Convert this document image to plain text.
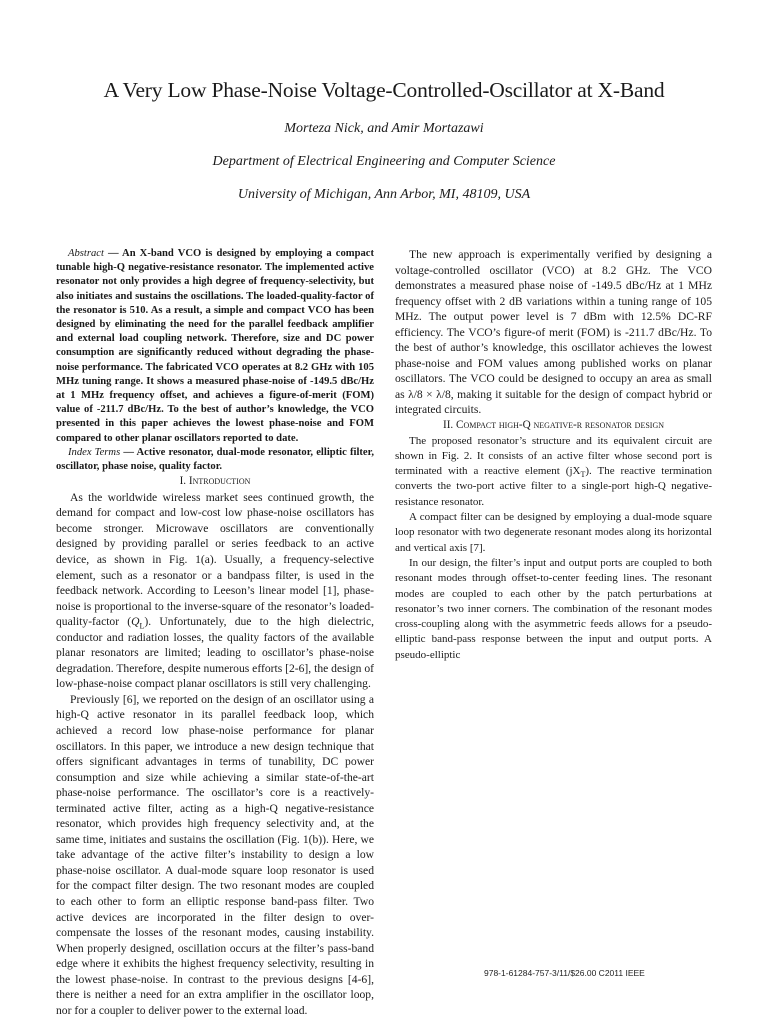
A Very Low Phase-Noise Voltage-Controlled-Oscillator at X-Band
Morteza Nick, and Amir Mortazawi
Department of Electrical Engineering and Computer Science
University of Michigan, Ann Arbor, MI, 48109, USA

Abstract — An X-band VCO is designed by employing a compact tunable high-Q negative-resistance resonator. The implemented active resonator not only provides a high degree of frequency-selectivity, but also initiates and sustains the oscillations. The loaded-quality-factor of the resonator is 510. As a result, a simple and compact VCO has been designed by eliminating the need for the parallel feedback amplifier and external load coupling network. Therefore, size and DC power consumption are significantly reduced without degrading the phase-noise performance. The fabricated VCO operates at 8.2 GHz with 105 MHz tuning range. It shows a measured phase-noise of -149.5 dBc/Hz at 1 MHz frequency offset, and achieves a figure-of-merit (FOM) value of -211.7 dBc/Hz. To the best of author’s knowledge, the VCO presented in this paper achieves the lowest phase-noise and FOM compared to other planar oscillators reported to date.

Index Terms — Active resonator, dual-mode resonator, elliptic filter, oscillator, phase noise, quality factor.

I. Introduction

As the worldwide wireless market sees continued growth, the demand for compact and low-cost low phase-noise oscillators has become stronger. Microwave oscillators are conventionally designed by providing parallel or series feedback to an active device, as shown in Fig. 1(a). Usually, a frequency-selective element, such as a resonator or a bandpass filter, is used in the feedback network. According to Leeson’s linear model [1], phase-noise is proportional to the inverse-square of the resonator’s loaded-quality-factor $(Q_L)$. Unfortunately, due to the high dielectric, conductor and radiation losses, the quality factors of the available planar resonators are limited; leading to oscillator’s phase-noise degradation. Therefore, despite numerous efforts [2-6], the design of low-phase-noise compact planar oscillators is still very challenging.

Previously [6], we reported on the design of an oscillator using a high-Q active resonator in its parallel feedback loop, which achieved a record low phase-noise performance for planar oscillators. In this paper, we introduce a new design technique that offers significant advantages in terms of tunability, DC power consumption and size while achieving a similar state-of-the-art phase-noise performance. The oscillator’s core is a reactively-terminated active filter, acting as a high-Q negative-resistance resonator, which provides high frequency selectivity and, at the same time, initiates and sustains the oscillation (Fig. 1(b)). Here, we take advantage of the active filter’s instability to design a low phase-noise oscillator. A dual-mode square loop resonator is used for the compact filter design. The two resonant modes are coupled to each other to form an elliptic response band-pass filter. Two active devices are incorporated in the filter design to over-compensate the losses of the resonant modes, causing instability. When properly designed, oscillation occurs at the filter’s pass-band edge where it exhibits the highest frequency selectivity, resulting in the lowest phase-noise. In contrast to the previous designs [4-6], there is neither a need for an extra amplifier in the oscillator loop, nor for a coupler to deliver power to the external load.

The new approach is experimentally verified by designing a voltage-controlled oscillator (VCO) at 8.2 GHz. The VCO demonstrates a measured phase noise of -149.5 dBc/Hz at 1 MHz frequency offset with 2 dB variations within a tuning range of 105 MHz. The output power level is 7 dBm with 12.5% DC-RF efficiency. The VCO’s figure-of merit (FOM) is -211.7 dBc/Hz. To the best of author’s knowledge, this oscillator achieves the lowest phase-noise and FOM values among published works on planar oscillators. The VCO could be designed to occupy an area as small as λ/8 × λ/8, making it suitable for the design of compact hybrid or integrated circuits.

II. Compact high-Q negative-r resonator design

The proposed resonator’s structure and its equivalent circuit are shown in Fig. 2. It consists of an active filter whose second port is terminated with a reactive element $(jX_T)$. The reactive termination converts the two-port active filter to a single-port high-Q negative-resistance resonator.

A compact filter can be designed by employing a dual-mode square loop resonator with two degenerate resonant modes along its horizontal and vertical axis [7].

In our design, the filter’s input and output ports are coupled to both resonant modes through offset-to-center feeding lines. The resonant modes are coupled to each other by the patch perturbations at resonator’s two inner corners. The combination of the resonant modes cross-coupling along with the asymmetric feeds allows for a pseudo-elliptic band-pass response between the input and output ports. A pseudo-elliptic

978-1-61284-757-3/11/$26.00 C2011 IEEE
